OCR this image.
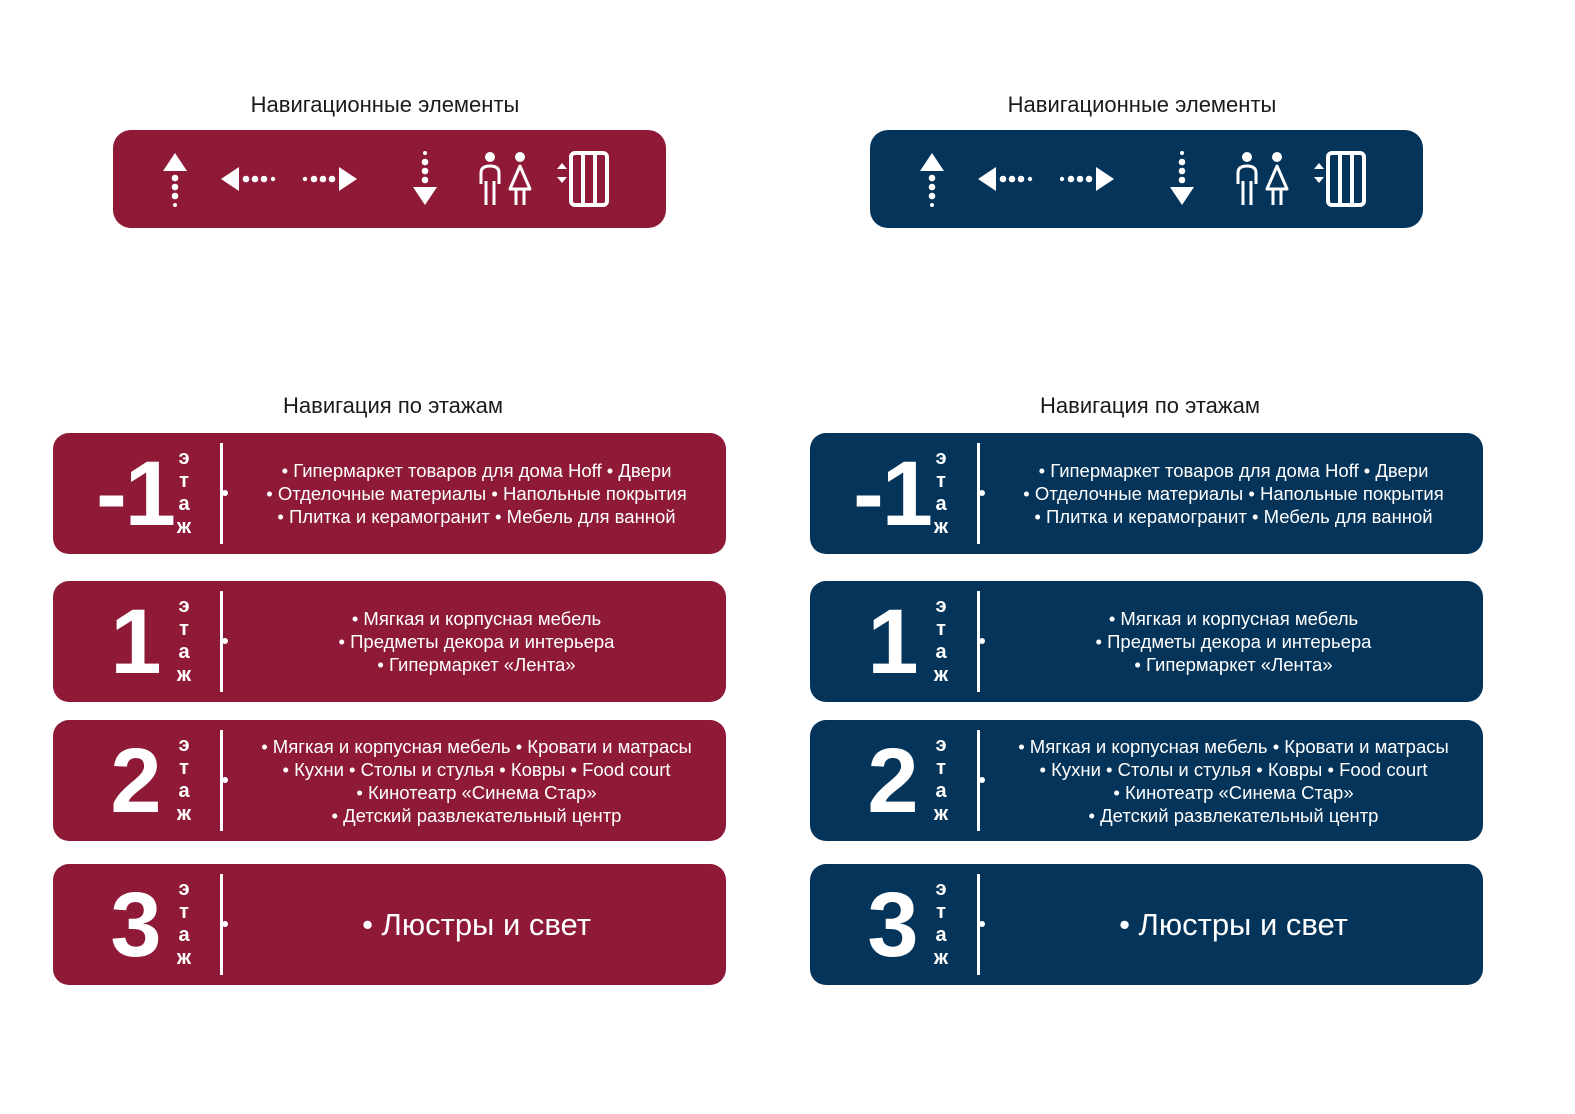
Навигационные элементы
Навигация по этажам
-1 э
т
а
ж
• Гипермаркет товаров для дома Hoff • Двери
• Отделочные материалы • Напольные покрытия
• Плитка и керамогранит • Мебель для ванной
1 э
т
а
ж
• Мягкая и корпусная мебель
• Предметы декора и интерьера
• Гипермаркет «Лента»
2 э
т
а
ж
• Мягкая и корпусная мебель • Кровати и матрасы
• Кухни • Столы и стулья • Ковры • Food court
• Кинотеатр «Синема Стар»
• Детский развлекательный центр
3 э
т
а
ж
• Люстры и свет
Навигационные элементы
Навигация по этажам
-1 э
т
а
ж
• Гипермаркет товаров для дома Hoff • Двери
• Отделочные материалы • Напольные покрытия
• Плитка и керамогранит • Мебель для ванной
1 э
т
а
ж
• Мягкая и корпусная мебель
• Предметы декора и интерьера
• Гипермаркет «Лента»
2 э
т
а
ж
• Мягкая и корпусная мебель • Кровати и матрасы
• Кухни • Столы и стулья • Ковры • Food court
• Кинотеатр «Синема Стар»
• Детский развлекательный центр
3 э
т
а
ж
• Люстры и свет
